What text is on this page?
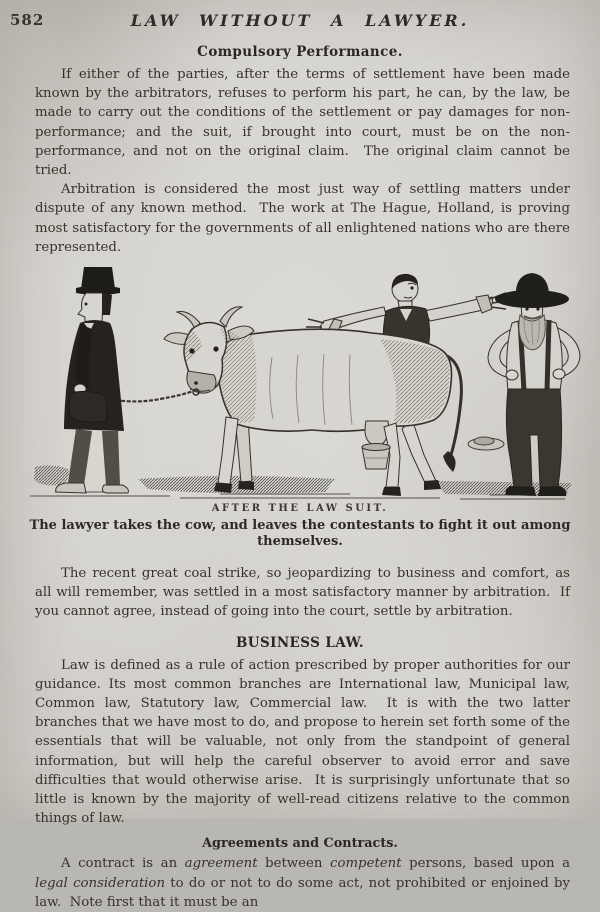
582	LAW WITHOUT A LAWYER.
Compulsory Performance.

If either of the parties, after the terms of settlement have been made known by the arbitrators, refuses to perform his part, he can, by the law, be made to carry out the conditions of the settlement or pay damages for non-performance; and the suit, if brought into court, must be on the non-performance, and not on the original claim.  The original claim cannot be tried.

Arbitration is considered the most just way of settling matters under dispute of any known method.  The work at The Hague, Holland, is proving most satisfactory for the governments of all enlightened nations who are there represented.

AFTER THE LAW SUIT.
The lawyer takes the cow, and leaves the contestants to fight it out among themselves.

The recent great coal strike, so jeopardizing to business and comfort, as all will remember, was settled in a most satisfactory manner by arbitration.  If you cannot agree, instead of going into the court, settle by arbitration.

BUSINESS LAW.

Law is defined as a rule of action prescribed by proper authorities for our guidance. Its most common branches are International law, Municipal law, Common law, Statutory law, Commercial law.  It is with the two latter branches that we have most to do, and propose to herein set forth some of the essentials that will be valuable, not only from the standpoint of general information, but will help the careful observer to avoid error and save difficulties that would otherwise arise.  It is surprisingly unfortunate that so little is known by the majority of well-read citizens relative to the common things of law.

Agreements and Contracts.

A contract is an agreement between competent persons, based upon a legal consideration to do or not to do some act, not prohibited or enjoined by law.  Note first that it must be an
